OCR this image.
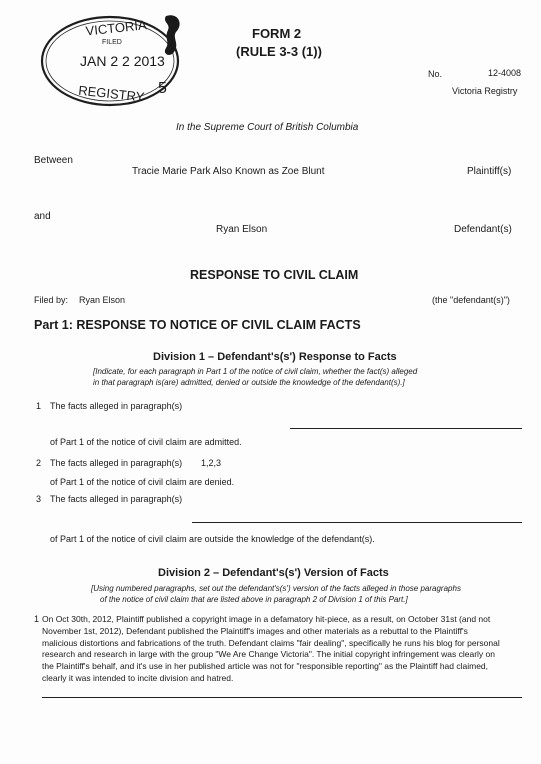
VICTORIA
FILED
JAN 2 2 2013
REGISTRY 5
FORM 2
(RULE 3-3 (1))
No.	12-4008
Victoria Registry
In the Supreme Court of British Columbia
Between
Tracie Marie Park Also Known as Zoe Blunt	Plaintiff(s)
and
Ryan Elson	Defendant(s)
RESPONSE TO CIVIL CLAIM
Filed by: Ryan Elson	(the "defendant(s)")
Part 1: RESPONSE TO NOTICE OF CIVIL CLAIM FACTS
Division 1 – Defendant's(s') Response to Facts
[Indicate, for each paragraph in Part 1 of the notice of civil claim, whether the fact(s) alleged
in that paragraph is(are) admitted, denied or outside the knowledge of the defendant(s).]
1 The facts alleged in paragraph(s)
of Part 1 of the notice of civil claim are admitted.
2 The facts alleged in paragraph(s) 1,2,3
of Part 1 of the notice of civil claim are denied.
3 The facts alleged in paragraph(s)
of Part 1 of the notice of civil claim are outside the knowledge of the defendant(s).
Division 2 – Defendant's(s') Version of Facts
[Using numbered paragraphs, set out the defendant's(s') version of the facts alleged in those paragraphs
of the notice of civil claim that are listed above in paragraph 2 of Division 1 of this Part.]
1 On Oct 30th, 2012, Plaintiff published a copyright image in a defamatory hit-piece, as a result, on October 31st (and not November 1st, 2012), Defendant published the Plaintiff's images and other materials as a rebuttal to the Plaintiff's malicious distortions and fabrications of the truth. Defendant claims "fair dealing", specifically he runs his blog for personal research and research in large with the group "We Are Change Victoria". The initial copyright infringement was clearly on the Plaintiff's behalf, and it's use in her published article was not for "responsible reporting" as the Plaintiff had claimed, clearly it was intended to incite division and hatred.
